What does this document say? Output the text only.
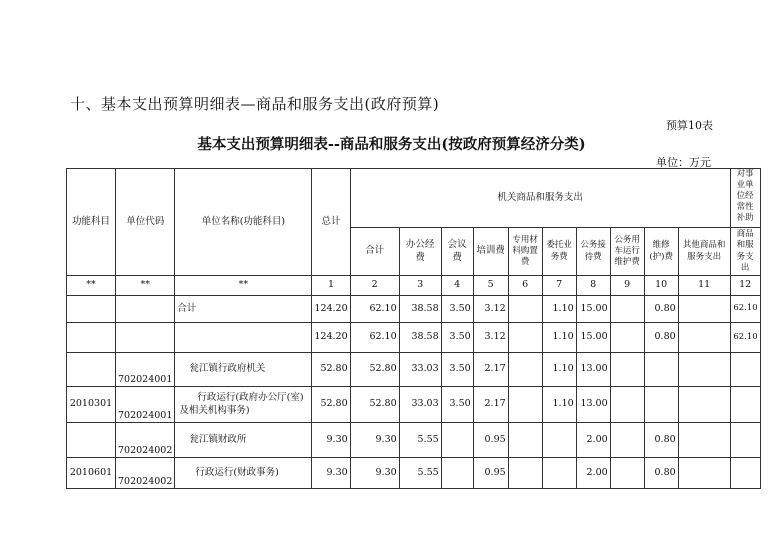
十、基本支出预算明细表—商品和服务支出(政府预算)
预算10表
基本支出预算明细表--商品和服务支出(按政府预算经济分类)
单位：万元
功能科目	单位代码	单位名称(功能科目)	总计	机关商品和服务支出										对事业单位经常性补助
				合计	办公经费	会议费	培训费	专用材料购置费	委托业务费	公务接待费	公务用车运行维护费	维修(护)费	其他商品和服务支出	商品和服务支出
**	**	**	1	2	3	4	5	6	7	8	9	10	11	12
		合计	124.20	62.10	38.58	3.50	3.12		1.10	15.00		0.80		62.10
			124.20	62.10	38.58	3.50	3.12		1.10	15.00		0.80		62.10
	702024001	瓮江镇行政府机关	52.80	52.80	33.03	3.50	2.17		1.10	13.00				
2010301	702024001	行政运行(政府办公厅(室)及相关机构事务)	52.80	52.80	33.03	3.50	2.17		1.10	13.00				
	702024002	瓮江镇财政所	9.30	9.30	5.55		0.95			2.00		0.80		
2010601	702024002	行政运行(财政事务)	9.30	9.30	5.55		0.95			2.00		0.80		
